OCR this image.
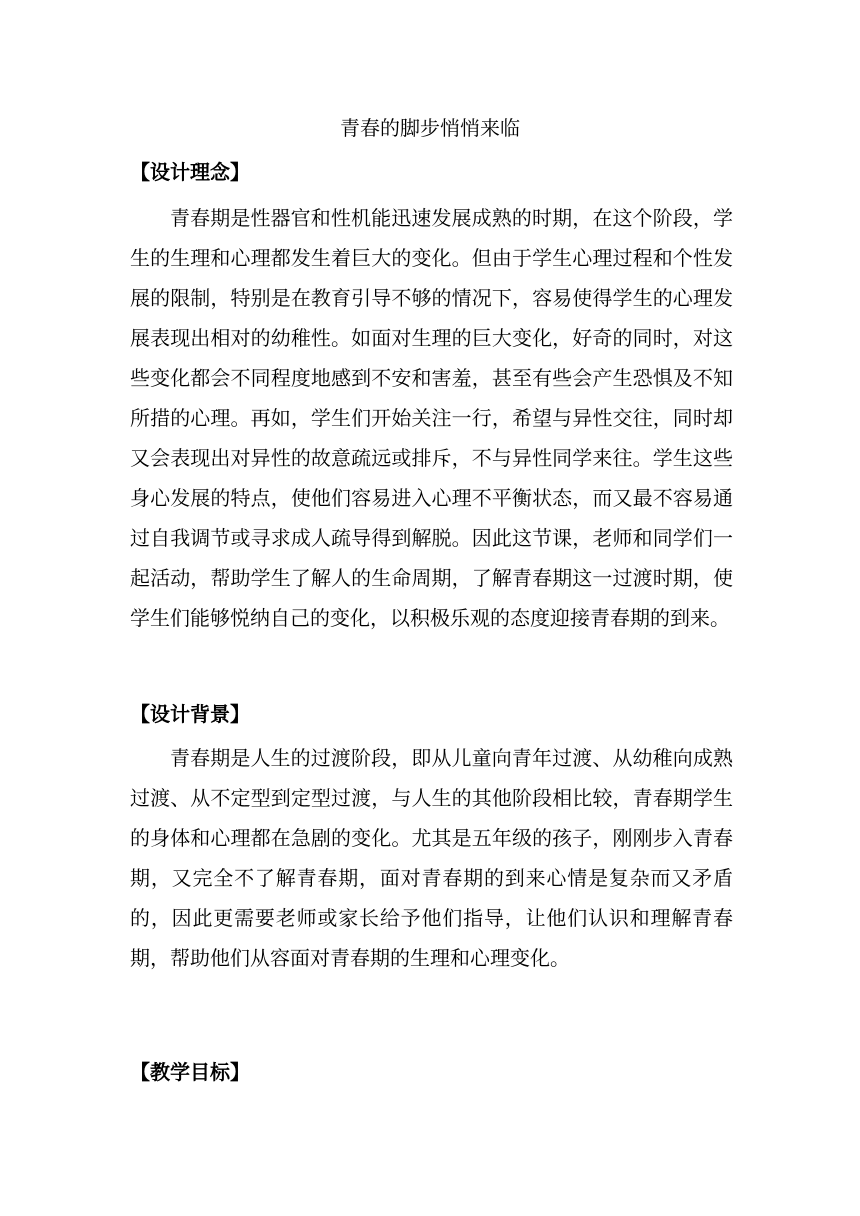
青春的脚步悄悄来临
【设计理念】

青春期是性器官和性机能迅速发展成熟的时期，在这个阶段，学生的生理和心理都发生着巨大的变化。但由于学生心理过程和个性发展的限制，特别是在教育引导不够的情况下，容易使得学生的心理发展表现出相对的幼稚性。如面对生理的巨大变化，好奇的同时，对这些变化都会不同程度地感到不安和害羞，甚至有些会产生恐惧及不知所措的心理。再如，学生们开始关注一行，希望与异性交往，同时却又会表现出对异性的故意疏远或排斥，不与异性同学来往。学生这些身心发展的特点，使他们容易进入心理不平衡状态，而又最不容易通过自我调节或寻求成人疏导得到解脱。因此这节课，老师和同学们一起活动，帮助学生了解人的生命周期，了解青春期这一过渡时期，使学生们能够悦纳自己的变化，以积极乐观的态度迎接青春期的到来。

【设计背景】

青春期是人生的过渡阶段，即从儿童向青年过渡、从幼稚向成熟过渡、从不定型到定型过渡，与人生的其他阶段相比较，青春期学生的身体和心理都在急剧的变化。尤其是五年级的孩子，刚刚步入青春期，又完全不了解青春期，面对青春期的到来心情是复杂而又矛盾的，因此更需要老师或家长给予他们指导，让他们认识和理解青春期，帮助他们从容面对青春期的生理和心理变化。

【教学目标】
